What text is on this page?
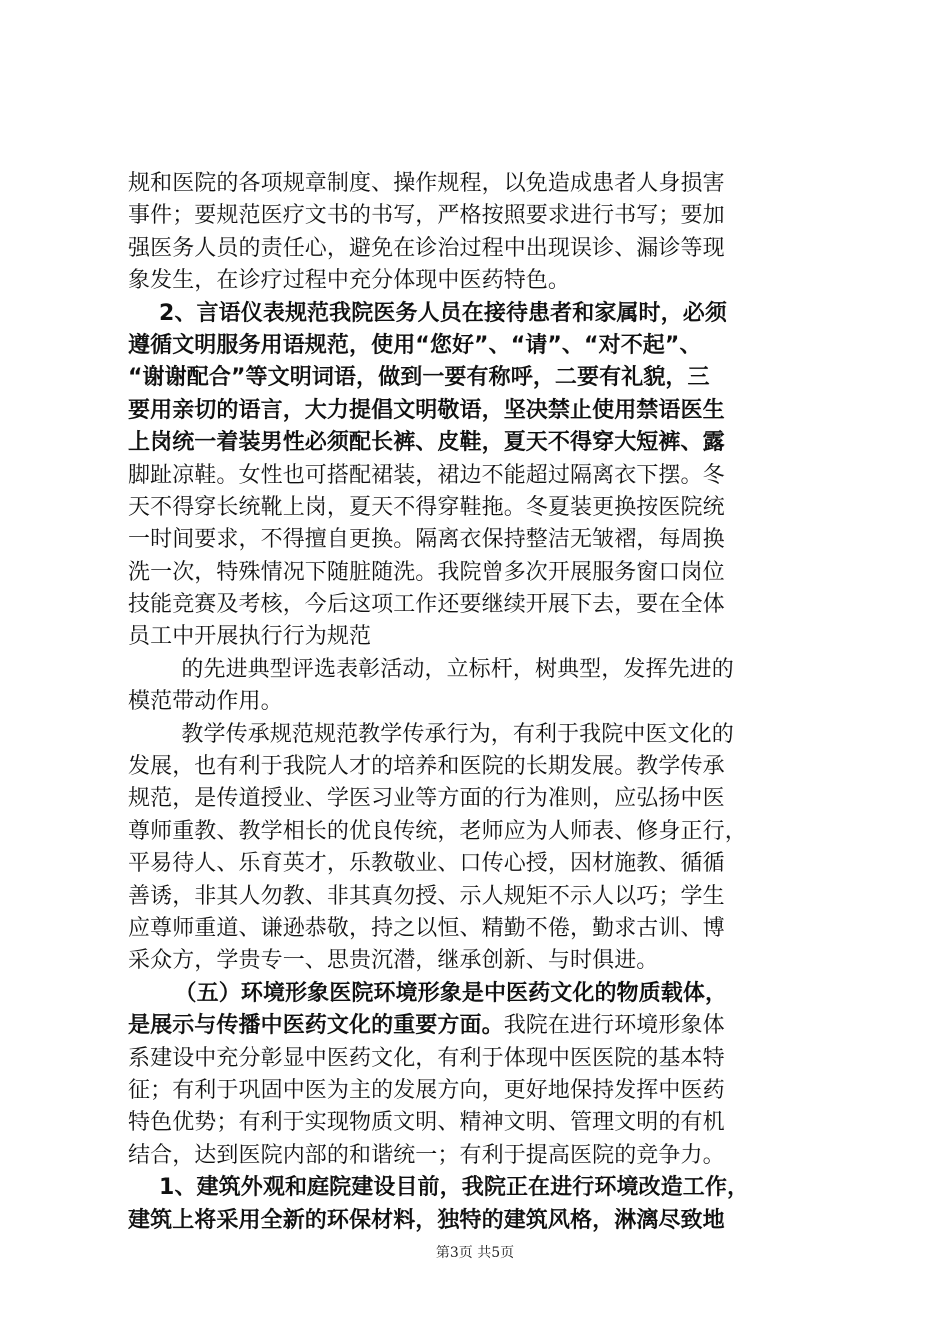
规和医院的各项规章制度、操作规程，以免造成患者人身损害
事件；要规范医疗文书的书写，严格按照要求进行书写；要加
强医务人员的责任心，避免在诊治过程中出现误诊、漏诊等现
象发生，在诊疗过程中充分体现中医药特色。
2、言语仪表规范我院医务人员在接待患者和家属时，必须
遵循文明服务用语规范，使用“您好”、“请”、“对不起”、
“谢谢配合”等文明词语，做到一要有称呼，二要有礼貌，三
要用亲切的语言，大力提倡文明敬语，坚决禁止使用禁语医生
上岗统一着装男性必须配长裤、皮鞋，夏天不得穿大短裤、露
脚趾凉鞋。女性也可搭配裙装，裙边不能超过隔离衣下摆。冬
天不得穿长统靴上岗，夏天不得穿鞋拖。冬夏装更换按医院统
一时间要求，不得擅自更换。隔离衣保持整洁无皱褶，每周换
洗一次，特殊情况下随脏随洗。我院曾多次开展服务窗口岗位
技能竞赛及考核，今后这项工作还要继续开展下去，要在全体
员工中开展执行行为规范
的先进典型评选表彰活动，立标杆，树典型，发挥先进的
模范带动作用。
教学传承规范规范教学传承行为，有利于我院中医文化的
发展，也有利于我院人才的培养和医院的长期发展。教学传承
规范，是传道授业、学医习业等方面的行为准则，应弘扬中医
尊师重教、教学相长的优良传统，老师应为人师表、修身正行，
平易待人、乐育英才，乐教敬业、口传心授，因材施教、循循
善诱，非其人勿教、非其真勿授、示人规矩不示人以巧；学生
应尊师重道、谦逊恭敬，持之以恒、精勤不倦，勤求古训、博
采众方，学贵专一、思贵沉潜，继承创新、与时俱进。
（五）环境形象医院环境形象是中医药文化的物质载体，
是展示与传播中医药文化的重要方面。我院在进行环境形象体
系建设中充分彰显中医药文化，有利于体现中医医院的基本特
征；有利于巩固中医为主的发展方向，更好地保持发挥中医药
特色优势；有利于实现物质文明、精神文明、管理文明的有机
结合，达到医院内部的和谐统一；有利于提高医院的竞争力。
1、建筑外观和庭院建设目前，我院正在进行环境改造工作，
建筑上将采用全新的环保材料，独特的建筑风格，淋漓尽致地
第3页 共5页
